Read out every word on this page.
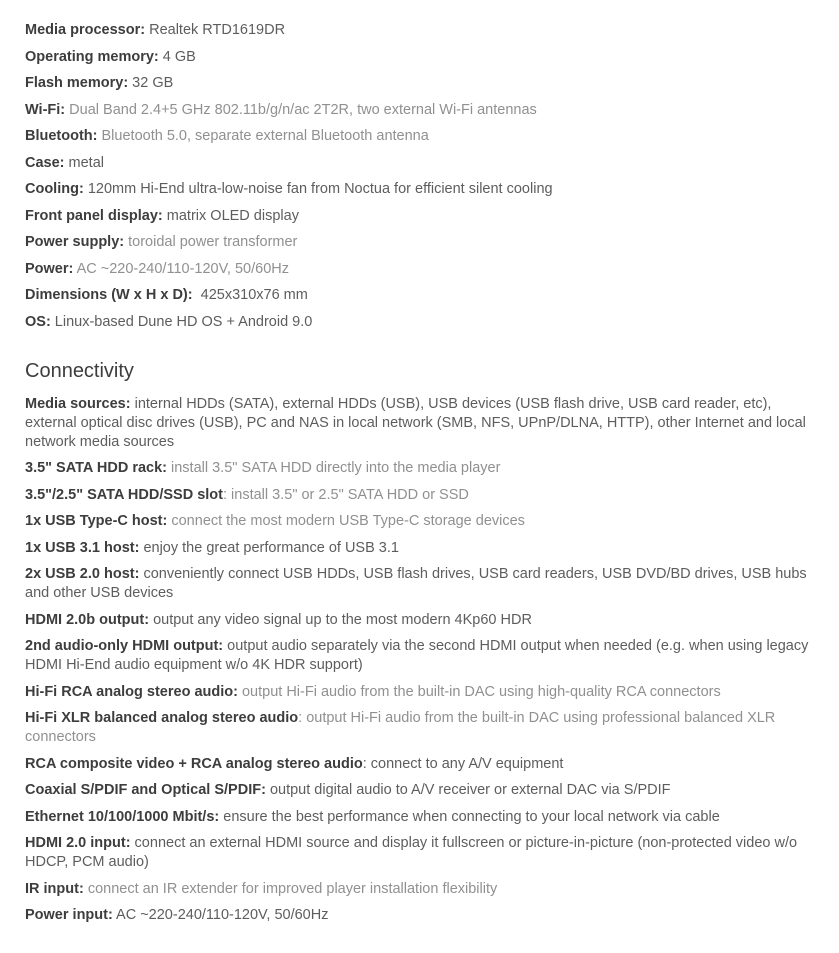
Media processor: Realtek RTD1619DR

Operating memory: 4 GB

Flash memory: 32 GB

Wi-Fi: Dual Band 2.4+5 GHz 802.11b/g/n/ac 2T2R, two external Wi-Fi antennas

Bluetooth: Bluetooth 5.0, separate external Bluetooth antenna

Case: metal

Cooling: 120mm Hi-End ultra-low-noise fan from Noctua for efficient silent cooling

Front panel display: matrix OLED display

Power supply: toroidal power transformer

Power: AC ~220-240/110-120V, 50/60Hz

Dimensions (W x H x D):  425x310x76 mm

OS: Linux-based Dune HD OS + Android 9.0

Connectivity

Media sources: internal HDDs (SATA), external HDDs (USB), USB devices (USB flash drive, USB card reader, etc), external optical disc drives (USB), PC and NAS in local network (SMB, NFS, UPnP/DLNA, HTTP), other Internet and local network media sources

3.5" SATA HDD rack: install 3.5" SATA HDD directly into the media player

3.5"/2.5" SATA HDD/SSD slot: install 3.5" or 2.5" SATA HDD or SSD

1x USB Type-C host: connect the most modern USB Type-C storage devices

1x USB 3.1 host: enjoy the great performance of USB 3.1

2x USB 2.0 host: conveniently connect USB HDDs, USB flash drives, USB card readers, USB DVD/BD drives, USB hubs and other USB devices

HDMI 2.0b output: output any video signal up to the most modern 4Kp60 HDR

2nd audio-only HDMI output: output audio separately via the second HDMI output when needed (e.g. when using legacy HDMI Hi-End audio equipment w/o 4K HDR support)

Hi-Fi RCA analog stereo audio: output Hi-Fi audio from the built-in DAC using high-quality RCA connectors

Hi-Fi XLR balanced analog stereo audio: output Hi-Fi audio from the built-in DAC using professional balanced XLR connectors

RCA composite video + RCA analog stereo audio: connect to any A/V equipment

Coaxial S/PDIF and Optical S/PDIF: output digital audio to A/V receiver or external DAC via S/PDIF

Ethernet 10/100/1000 Mbit/s: ensure the best performance when connecting to your local network via cable

HDMI 2.0 input: connect an external HDMI source and display it fullscreen or picture-in-picture (non-protected video w/o HDCP, PCM audio)

IR input: connect an IR extender for improved player installation flexibility

Power input: AC ~220-240/110-120V, 50/60Hz
